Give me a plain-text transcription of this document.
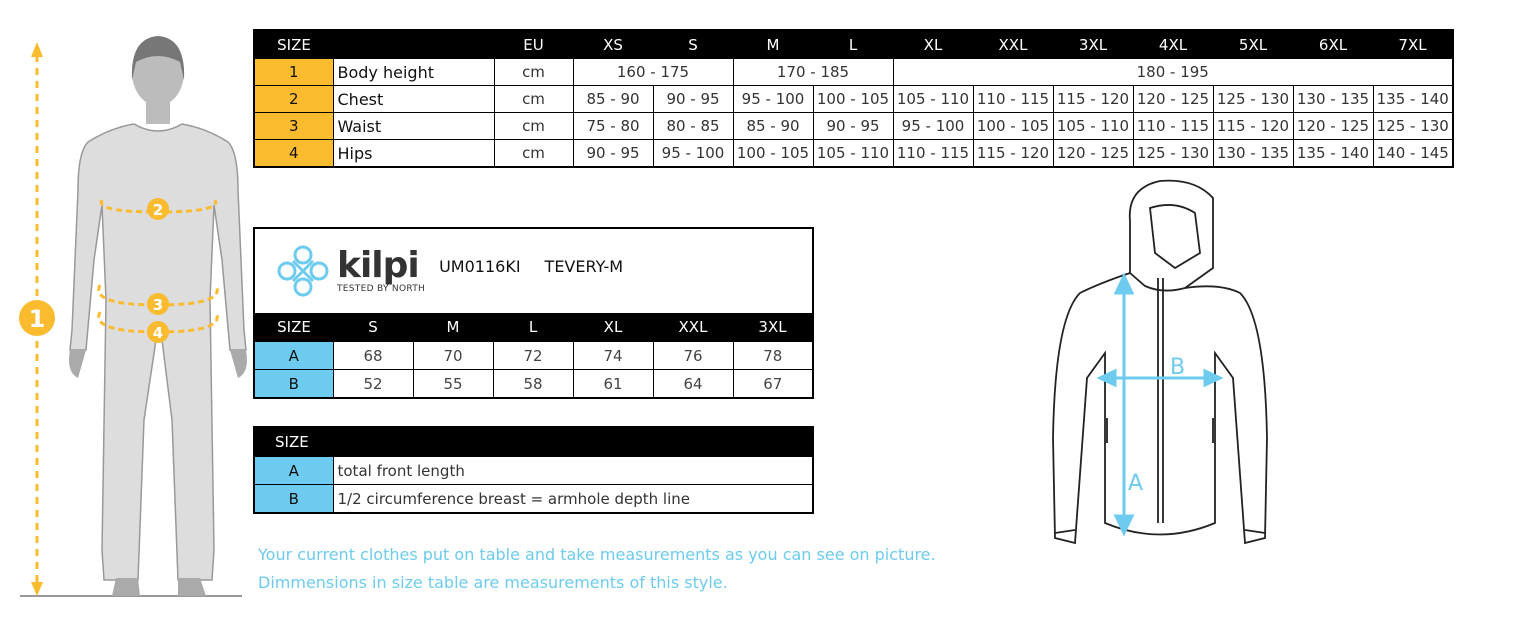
1
2
3
4
SIZE		EU	XS	S	M	L	XL	XXL	3XL	4XL	5XL	6XL	7XL
1	Body height	cm	160 - 175		170 - 185		180 - 195						
2	Chest	cm	85 - 90	90 - 95	95 - 100	100 - 105	105 - 110	110 - 115	115 - 120	120 - 125	125 - 130	130 - 135	135 - 140
3	Waist	cm	75 - 80	80 - 85	85 - 90	90 - 95	95 - 100	100 - 105	105 - 110	110 - 115	115 - 120	120 - 125	125 - 130
4	Hips	cm	90 - 95	95 - 100	100 - 105	105 - 110	110 - 115	115 - 120	120 - 125	125 - 130	130 - 135	135 - 140	140 - 145
kilpi
TESTED BY NORTH
UM0116KI TEVERY-M						

SIZE	S	M	L	XL	XXL	3XL
A	68	70	72	74	76	78
B	52	55	58	61	64	67
SIZE	
A	total front length
B	1/2 circumference breast = armhole depth line
Your current clothes put on table and take measurements as you can see on picture.
Dimmensions in size table are measurements of this style.
A
B
